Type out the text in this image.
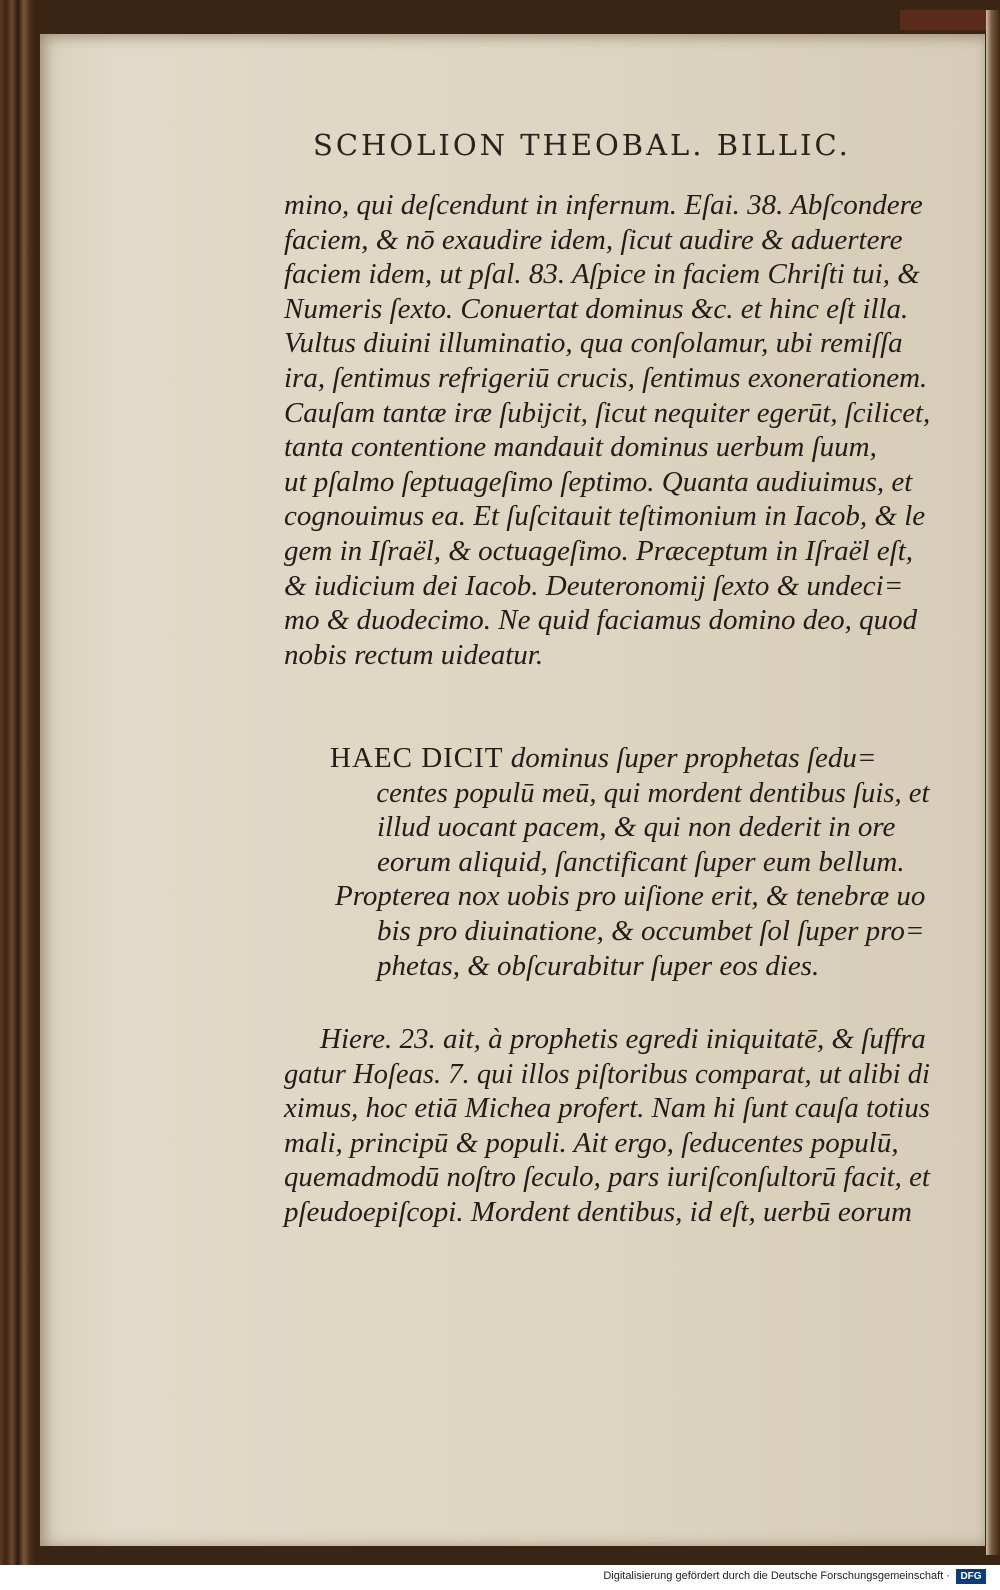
SCHOLION THEOBAL. BILLIC.
mino, qui deſcendunt in infernum. Eſai. 38. Abſcondere
faciem, & nō exaudire idem, ſicut audire & aduertere
faciem idem, ut pſal. 83. Aſpice in faciem Chriſti tui, &
Numeris ſexto. Conuertat dominus &c. et hinc eſt illa.
Vultus diuini illuminatio, qua conſolamur, ubi remiſſa
ira, ſentimus refrigeriū crucis, ſentimus exonerationem.
Cauſam tantæ iræ ſubijcit, ſicut nequiter egerūt, ſcilicet,
tanta contentione mandauit dominus uerbum ſuum,
ut pſalmo ſeptuageſimo ſeptimo. Quanta audiuimus, et
cognouimus ea. Et ſuſcitauit teſtimonium in Iacob, & le
gem in Iſraël, & octuageſimo. Præceptum in Iſraël eſt,
& iudicium dei Iacob. Deuteronomij ſexto & undeci=
mo & duodecimo. Ne quid faciamus domino deo, quod
nobis rectum uideatur.
HAEC DICIT dominus ſuper prophetas ſedu=
centes populū meū, qui mordent dentibus ſuis, et
illud uocant pacem, & qui non dederit in ore
eorum aliquid, ſanctificant ſuper eum bellum.
Propterea nox uobis pro uiſione erit, & tenebræ uo
bis pro diuinatione, & occumbet ſol ſuper pro=
phetas, & obſcurabitur ſuper eos dies.
Hiere. 23. ait, à prophetis egredi iniquitatē, & ſuffra
gatur Hoſeas. 7. qui illos piſtoribus comparat, ut alibi di
ximus, hoc etiā Michea profert. Nam hi ſunt cauſa totius
mali, principū & populi. Ait ergo, ſeducentes populū,
quemadmodū noſtro ſeculo, pars iuriſconſultorū facit, et
pſeudoepiſcopi. Mordent dentibus, id eſt, uerbū eorum
Digitalisierung gefördert durch die Deutsche Forschungsgemeinschaft ·	DFG
